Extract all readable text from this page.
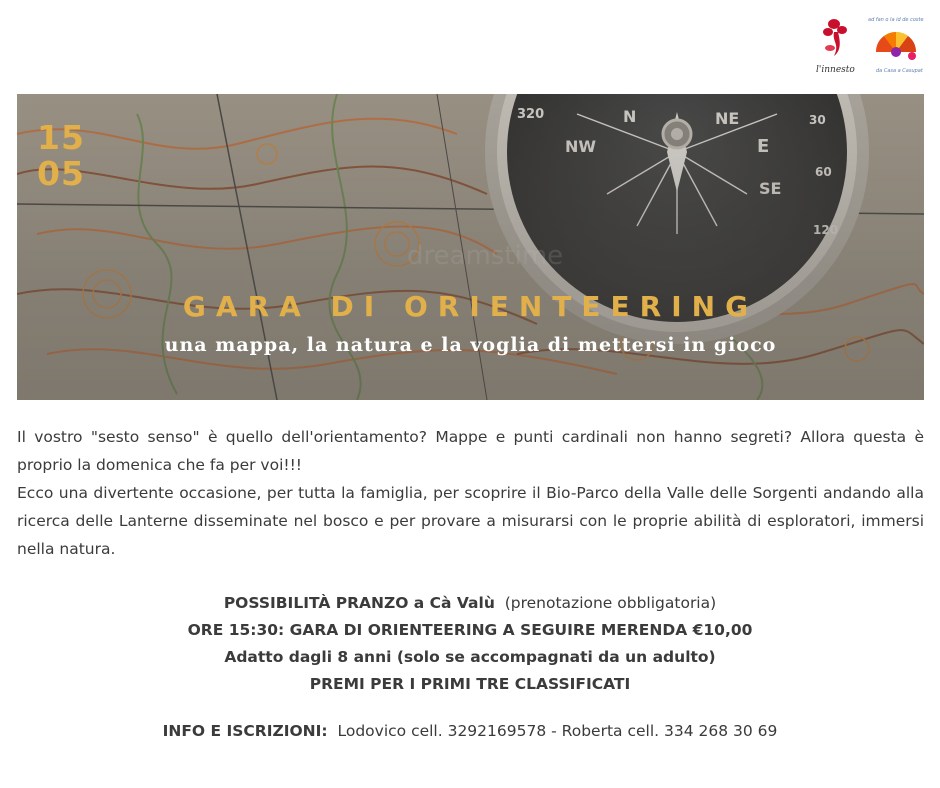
l'innesto
ad fan o la id de coste
da Casa a Casupat
15
05
GARA DI ORIENTEERING
una mappa, la natura e la voglia di mettersi in gioco

Il vostro "sesto senso" è quello dell'orientamento? Mappe e punti cardinali non hanno segreti? Allora questa è proprio la domenica che fa per voi!!!

Ecco una divertente occasione, per tutta la famiglia, per scoprire il Bio-Parco della Valle delle Sorgenti andando alla ricerca delle Lanterne disseminate nel bosco e per provare a misurarsi con le proprie abilità di esploratori, immersi nella natura.

POSSIBILITÀ PRANZO a Cà Valù (prenotazione obbligatoria)
ORE 15:30: GARA DI ORIENTEERING A SEGUIRE MERENDA €10,00
Adatto dagli 8 anni (solo se accompagnati da un adulto)
PREMI PER I PRIMI TRE CLASSIFICATI
INFO E ISCRIZIONI: Lodovico cell. 3292169578 - Roberta cell. 334 268 30 69
